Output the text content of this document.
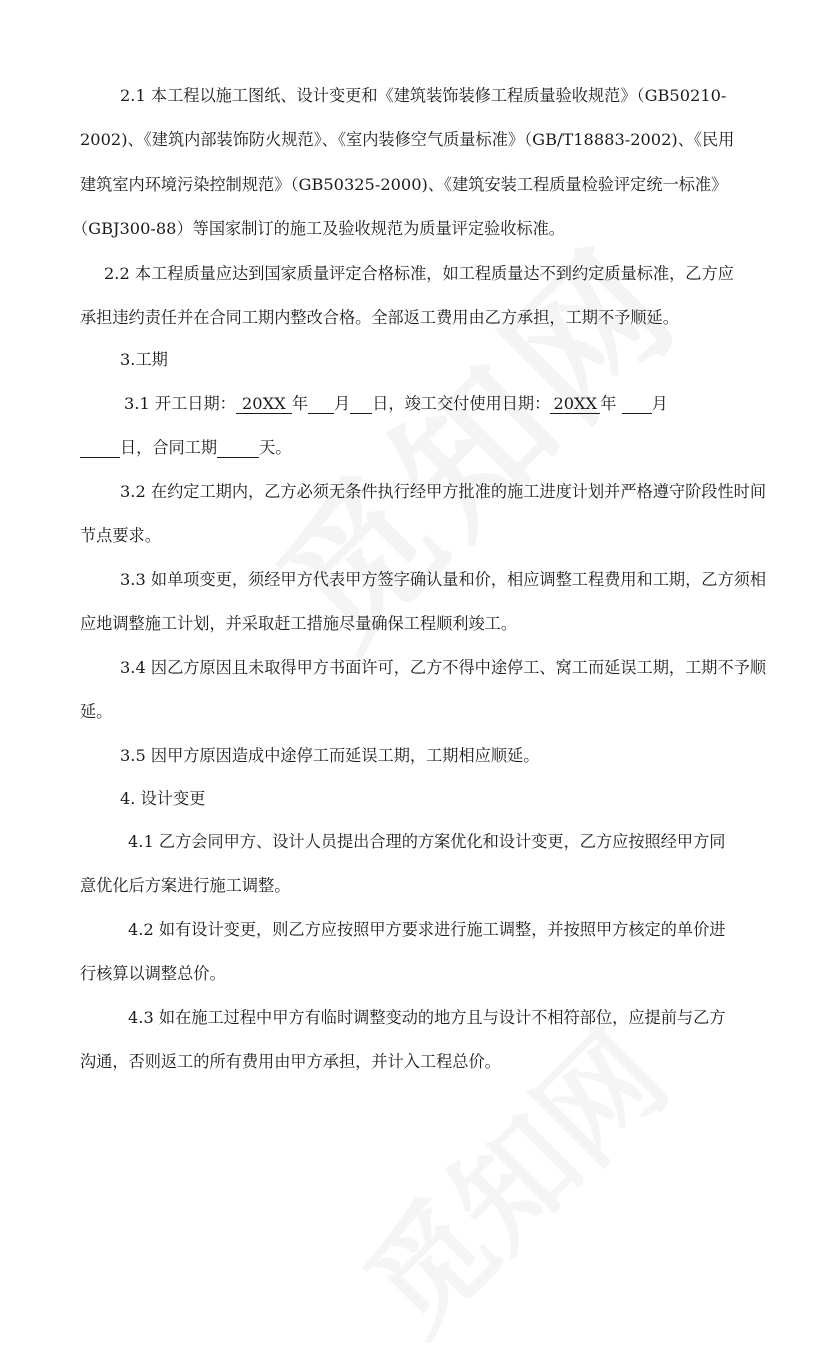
2.1 本工程以施工图纸、设计变更和《建筑装饰装修工程质量验收规范》（GB50210-
2002)、《建筑内部装饰防火规范》、《室内装修空气质量标准》（GB/T18883-2002)、《民用
建筑室内环境污染控制规范》（GB50325-2000)、《建筑安装工程质量检验评定统一标准》
（GBJ300-88）等国家制订的施工及验收规范为质量评定验收标准。
2.2 本工程质量应达到国家质量评定合格标准，如工程质量达不到约定质量标准，乙方应
承担违约责任并在合同工期内整改合格。全部返工费用由乙方承担，工期不予顺延。
3.工期
3.1 开工日期： 20XX 年 月 日，竣工交付使用日期： 20XX 年 月
日，合同工期	天。
3.2 在约定工期内，乙方必须无条件执行经甲方批准的施工进度计划并严格遵守阶段性时间
节点要求。
3.3 如单项变更，须经甲方代表甲方签字确认量和价，相应调整工程费用和工期，乙方须相
应地调整施工计划，并采取赶工措施尽量确保工程顺利竣工。
3.4 因乙方原因且未取得甲方书面许可，乙方不得中途停工、窝工而延误工期，工期不予顺
延。
3.5 因甲方原因造成中途停工而延误工期，工期相应顺延。
4. 设计变更
4.1 乙方会同甲方、设计人员提出合理的方案优化和设计变更，乙方应按照经甲方同
意优化后方案进行施工调整。
4.2 如有设计变更，则乙方应按照甲方要求进行施工调整，并按照甲方核定的单价进
行核算以调整总价。
4.3 如在施工过程中甲方有临时调整变动的地方且与设计不相符部位，应提前与乙方
沟通，否则返工的所有费用由甲方承担，并计入工程总价。
